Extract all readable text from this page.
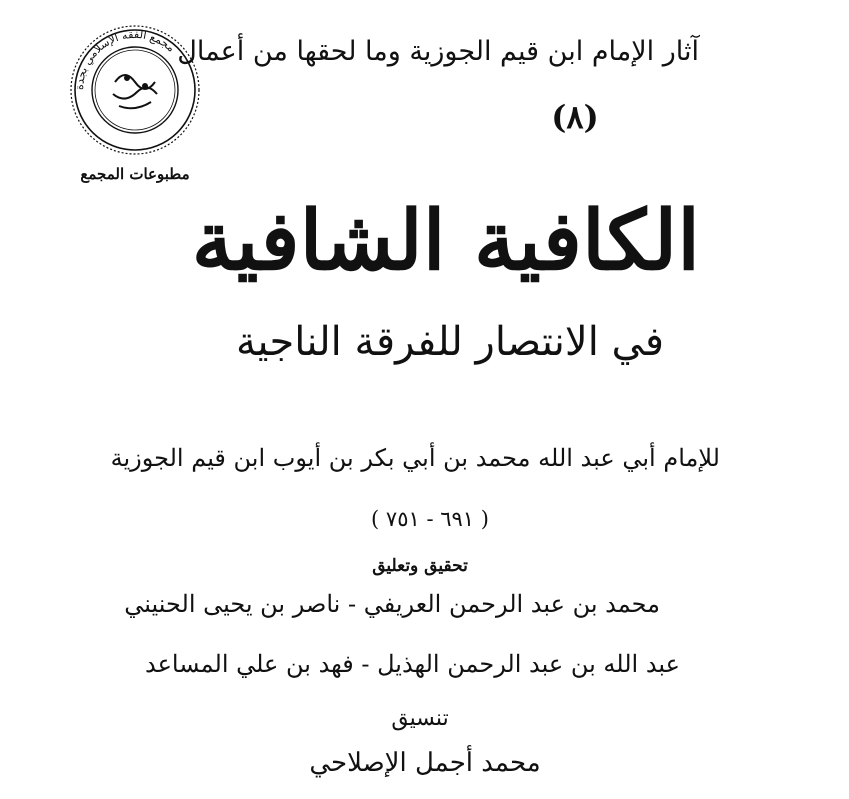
آثار الإمام ابن قيم الجوزية وما لحقها من أعمال
(٨)
مجمع الفقه الإسلامي بجدة
مطبوعات المجمع
الكافية الشافية
في الانتصار للفرقة الناجية
للإمام أبي عبد الله محمد بن أبي بكر بن أيوب ابن قيم الجوزية
( ٦٩١ - ٧٥١ )
تحقيق وتعليق
محمد بن عبد الرحمن العريفي - ناصر بن يحيى الحنيني
عبد الله بن عبد الرحمن الهذيل - فهد بن علي المساعد
تنسيق
محمد أجمل الإصلاحي
